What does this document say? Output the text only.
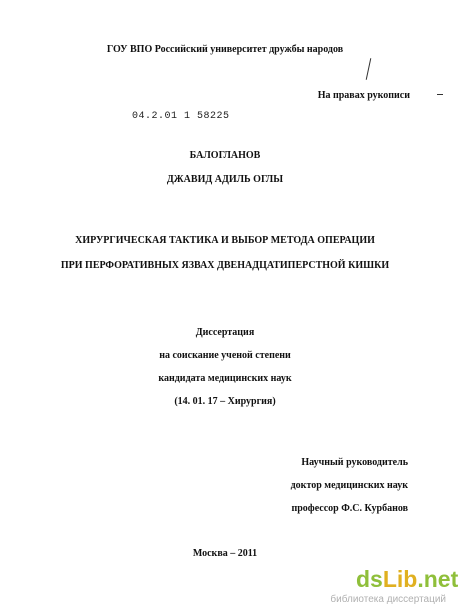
ГОУ ВПО Российский университет дружбы народов
На правах рукописи
04.2.01 1 58225
БАЛОГЛАНОВ
ДЖАВИД АДИЛЬ ОГЛЫ
ХИРУРГИЧЕСКАЯ ТАКТИКА И ВЫБОР МЕТОДА ОПЕРАЦИИ
ПРИ ПЕРФОРАТИВНЫХ ЯЗВАХ ДВЕНАДЦАТИПЕРСТНОЙ КИШКИ
Диссертация
на соискание ученой степени
кандидата медицинских наук
(14. 01. 17 – Хирургия)
Научный руководитель
доктор медицинских наук
профессор Ф.С. Курбанов
Москва – 2011
dsLib.net
библиотека диссертаций
